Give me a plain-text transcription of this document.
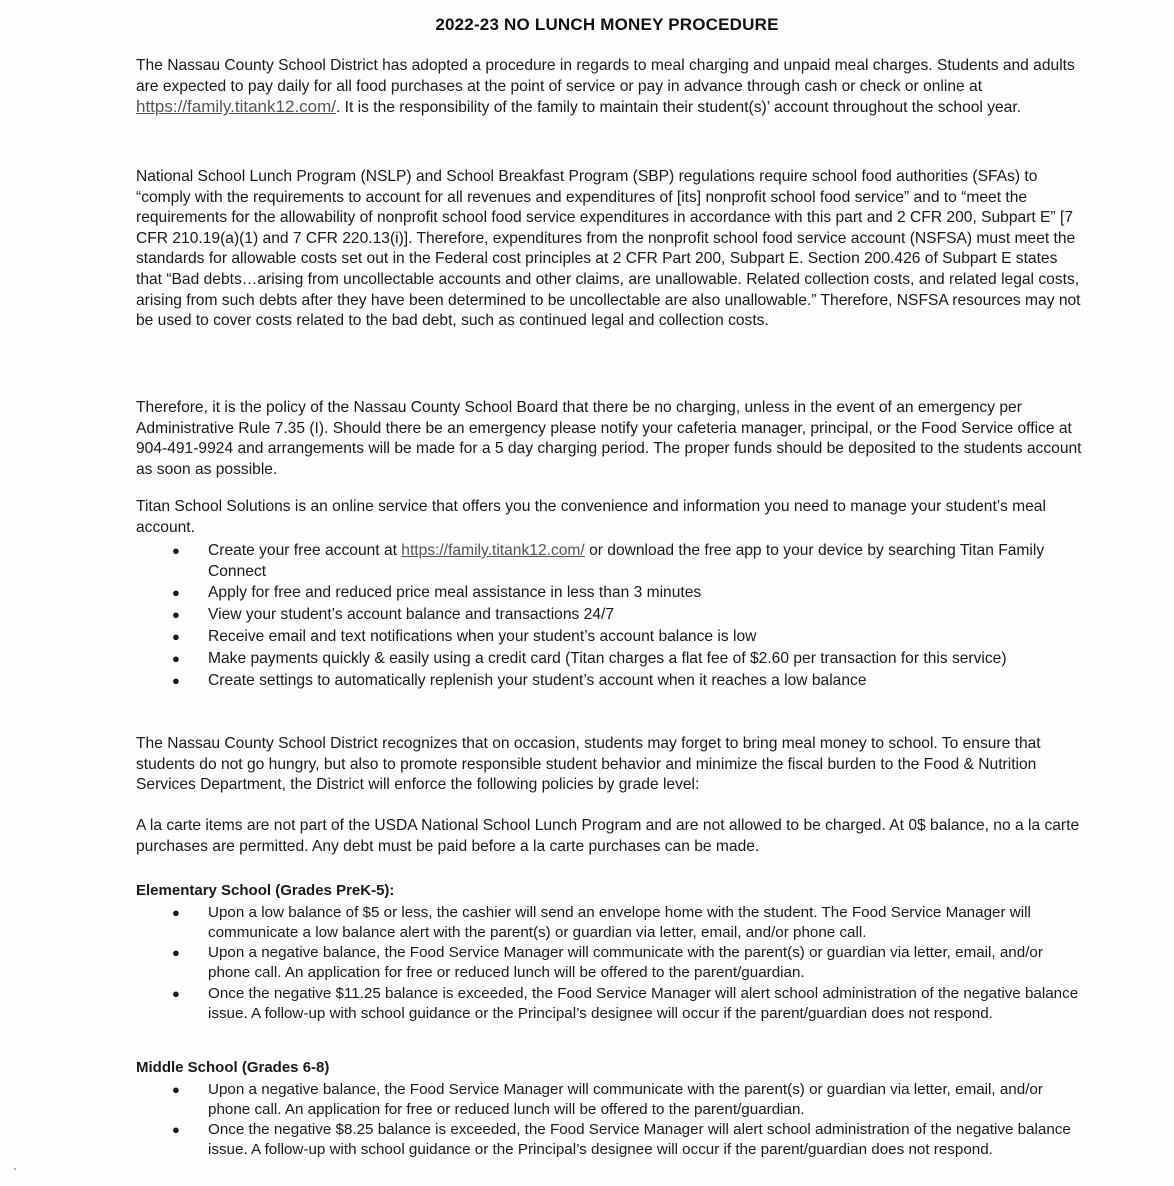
2022-23 NO LUNCH MONEY PROCEDURE

The Nassau County School District has adopted a procedure in regards to meal charging and unpaid meal charges. Students and adults are expected to pay daily for all food purchases at the point of service or pay in advance through cash or check or online at https://family.titank12.com/. It is the responsibility of the family to maintain their student(s)’ account throughout the school year.

National School Lunch Program (NSLP) and School Breakfast Program (SBP) regulations require school food authorities (SFAs) to “comply with the requirements to account for all revenues and expenditures of [its] nonprofit school food service” and to “meet the requirements for the allowability of nonprofit school food service expenditures in accordance with this part and 2 CFR 200, Subpart E” [7 CFR 210.19(a)(1) and 7 CFR 220.13(i)]. Therefore, expenditures from the nonprofit school food service account (NSFSA) must meet the standards for allowable costs set out in the Federal cost principles at 2 CFR Part 200, Subpart E. Section 200.426 of Subpart E states that “Bad debts…arising from uncollectable accounts and other claims, are unallowable. Related collection costs, and related legal costs, arising from such debts after they have been determined to be uncollectable are also unallowable.” Therefore, NSFSA resources may not be used to cover costs related to the bad debt, such as continued legal and collection costs.

Therefore, it is the policy of the Nassau County School Board that there be no charging, unless in the event of an emergency per Administrative Rule 7.35 (I). Should there be an emergency please notify your cafeteria manager, principal, or the Food Service office at 904-491-9924 and arrangements will be made for a 5 day charging period. The proper funds should be deposited to the students account as soon as possible.

Titan School Solutions is an online service that offers you the convenience and information you need to manage your student’s meal account.

● Create your free account at https://family.titank12.com/ or download the free app to your device by searching Titan Family Connect
● Apply for free and reduced price meal assistance in less than 3 minutes
● View your student’s account balance and transactions 24/7
● Receive email and text notifications when your student’s account balance is low
● Make payments quickly & easily using a credit card (Titan charges a flat fee of $2.60 per transaction for this service)
● Create settings to automatically replenish your student’s account when it reaches a low balance

The Nassau County School District recognizes that on occasion, students may forget to bring meal money to school. To ensure that students do not go hungry, but also to promote responsible student behavior and minimize the fiscal burden to the Food & Nutrition Services Department, the District will enforce the following policies by grade level:

A la carte items are not part of the USDA National School Lunch Program and are not allowed to be charged. At 0$ balance, no a la carte purchases are permitted. Any debt must be paid before a la carte purchases can be made.

Elementary School (Grades PreK-5):
● Upon a low balance of $5 or less, the cashier will send an envelope home with the student. The Food Service Manager will communicate a low balance alert with the parent(s) or guardian via letter, email, and/or phone call.
● Upon a negative balance, the Food Service Manager will communicate with the parent(s) or guardian via letter, email, and/or phone call. An application for free or reduced lunch will be offered to the parent/guardian.
● Once the negative $11.25 balance is exceeded, the Food Service Manager will alert school administration of the negative balance issue. A follow-up with school guidance or the Principal’s designee will occur if the parent/guardian does not respond.
Middle School (Grades 6-8)
● Upon a negative balance, the Food Service Manager will communicate with the parent(s) or guardian via letter, email, and/or phone call. An application for free or reduced lunch will be offered to the parent/guardian.
● Once the negative $8.25 balance is exceeded, the Food Service Manager will alert school administration of the negative balance issue. A follow-up with school guidance or the Principal’s designee will occur if the parent/guardian does not respond.
